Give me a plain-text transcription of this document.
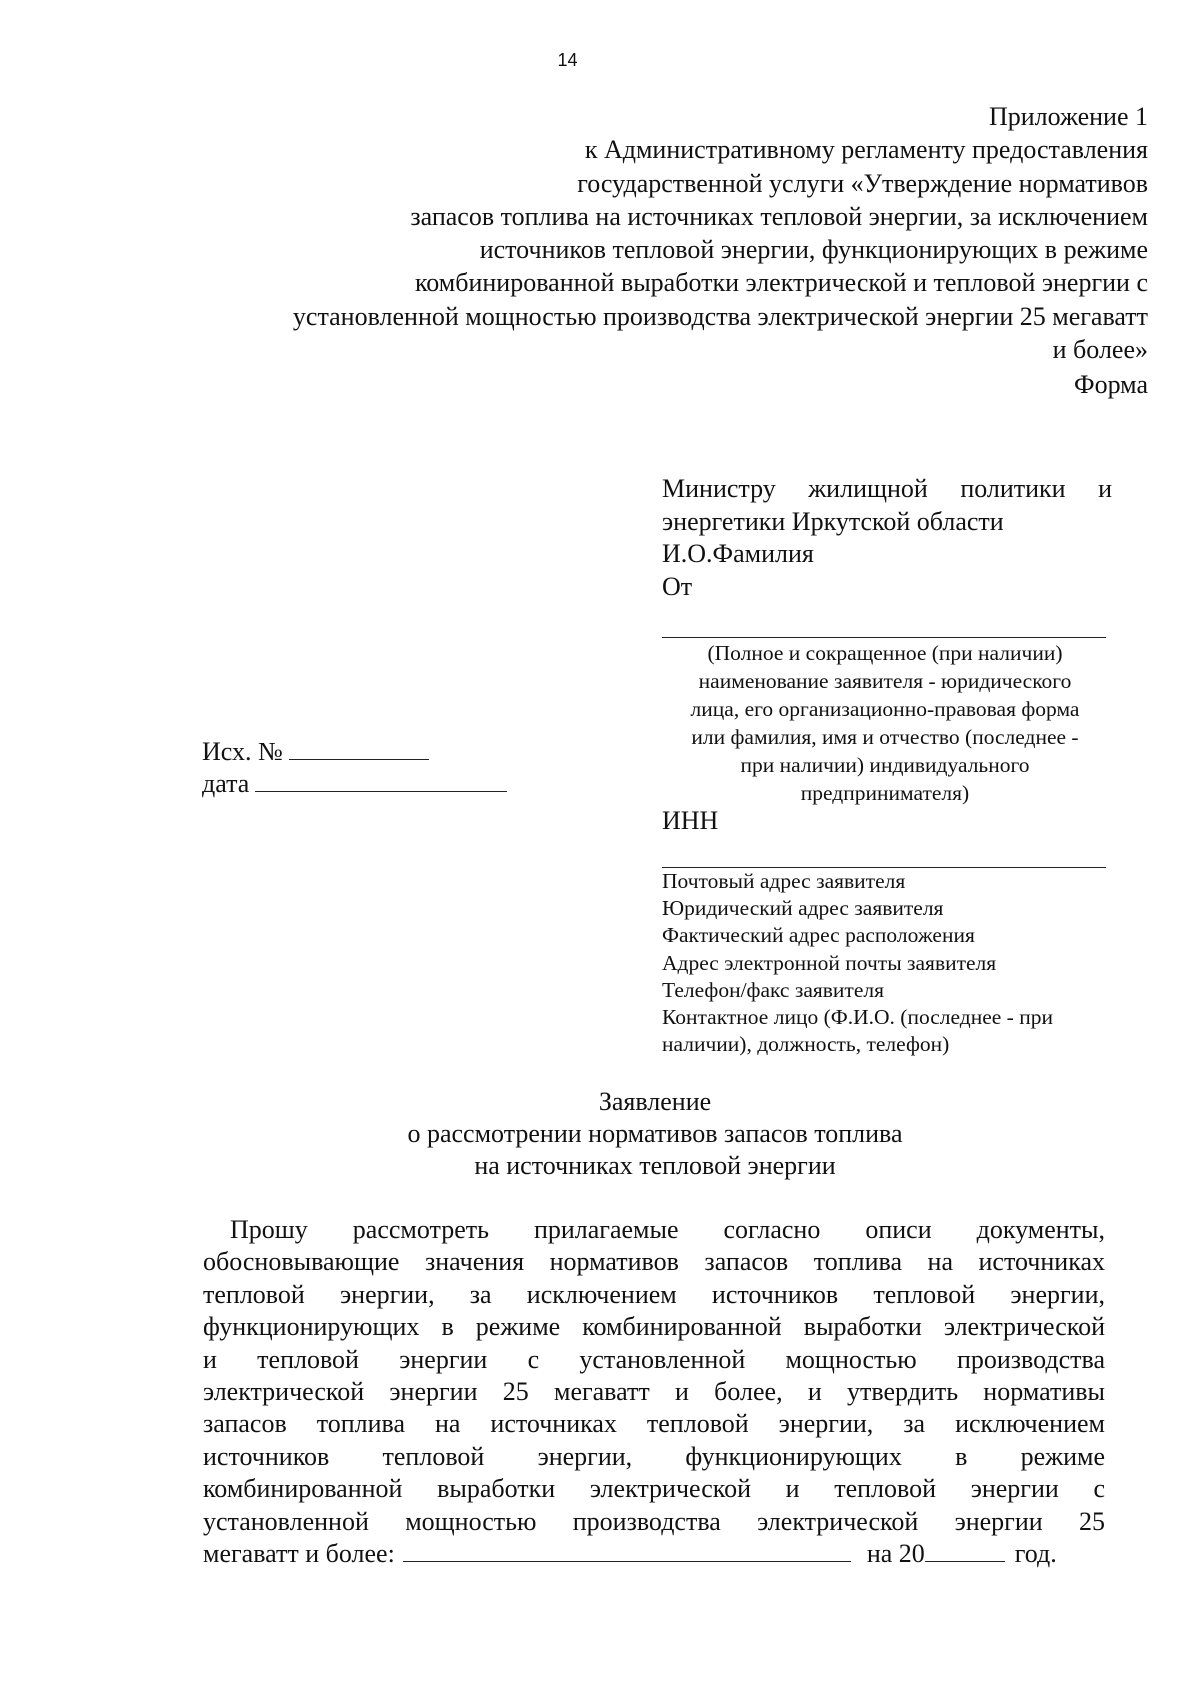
14
Приложение 1
к Административному регламенту предоставления
государственной услуги «Утверждение нормативов
запасов топлива на источниках тепловой энергии, за исключением
источников тепловой энергии, функционирующих в режиме
комбинированной выработки электрической и тепловой энергии с
установленной мощностью производства электрической энергии 25 мегаватт
и более»
Форма
Министру жилищной политики и
энергетики Иркутской области
И.О.Фамилия
От
(Полное и сокращенное (при наличии)
наименование заявителя - юридического
лица, его организационно-правовая форма
или фамилия, имя и отчество (последнее -
при наличии) индивидуального
предпринимателя)
Исх. №
дата
ИНН
Почтовый адрес заявителя
Юридический адрес заявителя
Фактический адрес расположения
Адрес электронной почты заявителя
Телефон/факс заявителя
Контактное лицо (Ф.И.О. (последнее - при
наличии), должность, телефон)
Заявление
о рассмотрении нормативов запасов топлива
на источниках тепловой энергии
Прошу рассмотреть прилагаемые согласно описи документы,
обосновывающие значения нормативов запасов топлива на источниках
тепловой энергии, за исключением источников тепловой энергии,
функционирующих в режиме комбинированной выработки электрической
и тепловой энергии с установленной мощностью производства
электрической энергии 25 мегаватт и более, и утвердить нормативы
запасов топлива на источниках тепловой энергии, за исключением
источников тепловой энергии, функционирующих в режиме
комбинированной выработки электрической и тепловой энергии с
установленной мощностью производства электрической энергии 25
мегаватт и более:	на 20	год.
